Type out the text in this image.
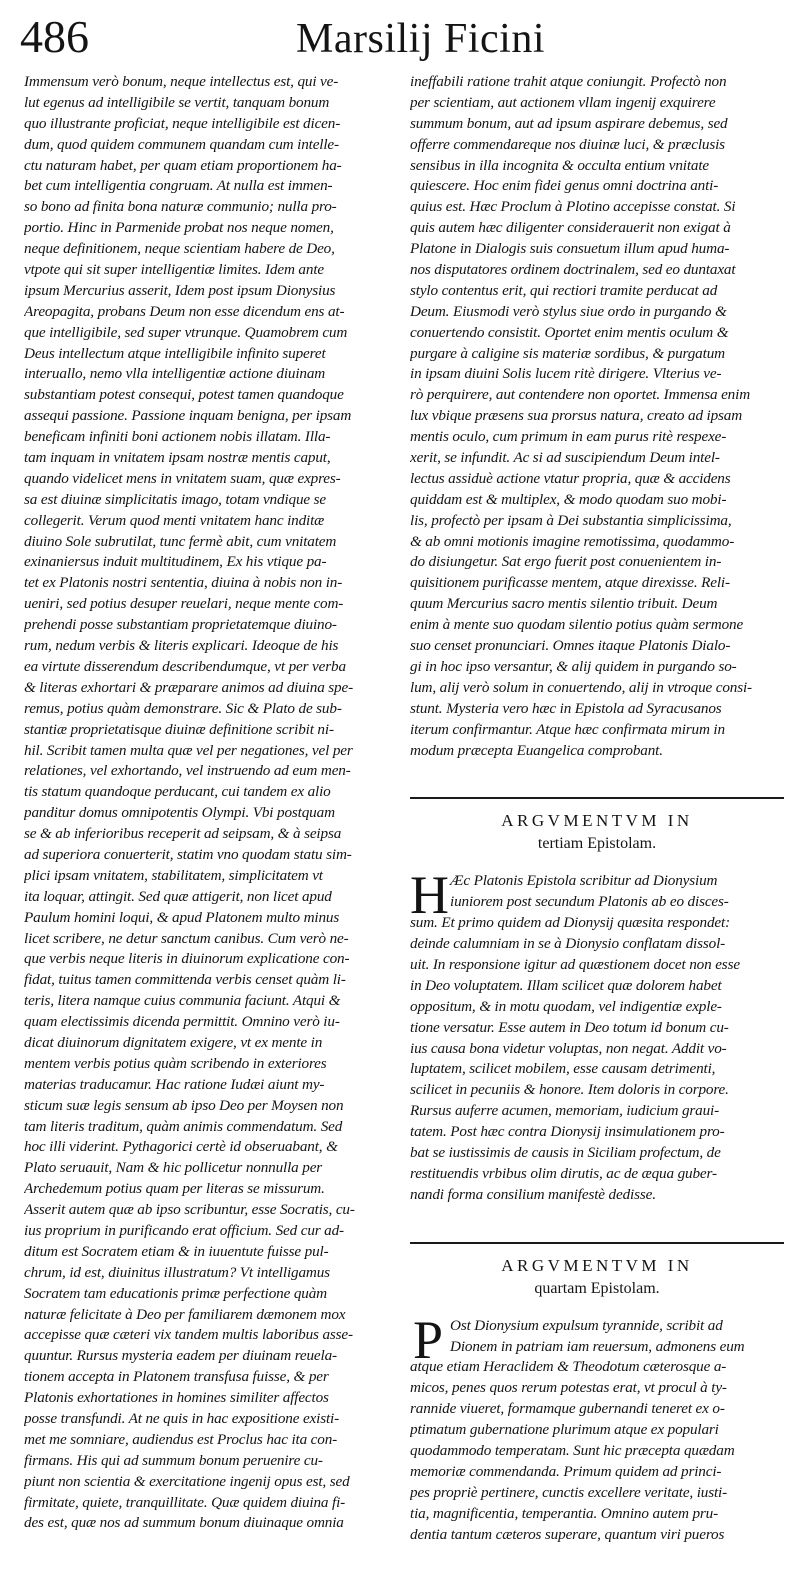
486	Marsilij Ficini
Immensum verò bonum, neque intellectus est, qui ve-
lut egenus ad intelligibile se vertit, tanquam bonum
quo illustrante proficiat, neque intelligibile est dicen-
dum, quod quidem communem quandam cum intelle-
ctu naturam habet, per quam etiam proportionem ha-
bet cum intelligentia congruam. At nulla est immen-
so bono ad finita bona naturæ communio; nulla pro-
portio. Hinc in Parmenide probat nos neque nomen,
neque definitionem, neque scientiam habere de Deo,
vtpote qui sit super intelligentiæ limites. Idem ante
ipsum Mercurius asserit, Idem post ipsum Dionysius
Areopagita, probans Deum non esse dicendum ens at-
que intelligibile, sed super vtrunque. Quamobrem cum
Deus intellectum atque intelligibile infinito superet
interuallo, nemo vlla intelligentiæ actione diuinam
substantiam potest consequi, potest tamen quandoque
assequi passione. Passione inquam benigna, per ipsam
beneficam infiniti boni actionem nobis illatam. Illa-
tam inquam in vnitatem ipsam nostræ mentis caput,
quando videlicet mens in vnitatem suam, quæ expres-
sa est diuinæ simplicitatis imago, totam vndique se
collegerit. Verum quod menti vnitatem hanc inditæ
diuino Sole subrutilat, tunc fermè abit, cum vnitatem
exinaniersus induit multitudinem, Ex his vtique pa-
tet ex Platonis nostri sententia, diuina à nobis non in-
ueniri, sed potius desuper reuelari, neque mente com-
prehendi posse substantiam proprietatemque diuino-
rum, nedum verbis & literis explicari. Ideoque de his
ea virtute disserendum describendumque, vt per verba
& literas exhortari & præparare animos ad diuina spe-
remus, potius quàm demonstrare. Sic & Plato de sub-
stantiæ proprietatisque diuinæ definitione scribit ni-
hil. Scribit tamen multa quæ vel per negationes, vel per
relationes, vel exhortando, vel instruendo ad eum men-
tis statum quandoque perducant, cui tandem ex alio
panditur domus omnipotentis Olympi. Vbi postquam
se & ab inferioribus receperit ad seipsam, & à seipsa
ad superiora conuerterit, statim vno quodam statu sim-
plici ipsam vnitatem, stabilitatem, simplicitatem vt
ita loquar, attingit. Sed quæ attigerit, non licet apud
Paulum homini loqui, & apud Platonem multo minus
licet scribere, ne detur sanctum canibus. Cum verò ne-
que verbis neque literis in diuinorum explicatione con-
fidat, tuitus tamen committenda verbis censet quàm li-
teris, litera namque cuius communia faciunt. Atqui &
quam electissimis dicenda permittit. Omnino verò iu-
dicat diuinorum dignitatem exigere, vt ex mente in
mentem verbis potius quàm scribendo in exteriores
materias traducamur. Hac ratione Iudæi aiunt my-
sticum suæ legis sensum ab ipso Deo per Moysen non
tam literis traditum, quàm animis commendatum. Sed
hoc illi viderint. Pythagorici certè id obseruabant, &
Plato seruauit, Nam & hic pollicetur nonnulla per
Archedemum potius quam per literas se missurum.
Asserit autem quæ ab ipso scribuntur, esse Socratis, cu-
ius proprium in purificando erat officium. Sed cur ad-
ditum est Socratem etiam & in iuuentute fuisse pul-
chrum, id est, diuinitus illustratum? Vt intelligamus
Socratem tam educationis primæ perfectione quàm
naturæ felicitate à Deo per familiarem dæmonem mox
accepisse quæ cæteri vix tandem multis laboribus asse-
quuntur. Rursus mysteria eadem per diuinam reuela-
tionem accepta in Platonem transfusa fuisse, & per
Platonis exhortationes in homines similiter affectos
posse transfundi. At ne quis in hac expositione existi-
met me somniare, audiendus est Proclus hac ita con-
firmans. His qui ad summum bonum peruenire cu-
piunt non scientia & exercitatione ingenij opus est, sed
firmitate, quiete, tranquillitate. Quæ quidem diuina fi-
des est, quæ nos ad summum bonum diuinaque omnia
ineffabili ratione trahit atque coniungit. Profectò non
per scientiam, aut actionem vllam ingenij exquirere
summum bonum, aut ad ipsum aspirare debemus, sed
offerre commendareque nos diuinæ luci, & præclusis
sensibus in illa incognita & occulta entium vnitate
quiescere. Hoc enim fidei genus omni doctrina anti-
quius est. Hæc Proclum à Plotino accepisse constat. Si
quis autem hæc diligenter considerauerit non exigat à
Platone in Dialogis suis consuetum illum apud huma-
nos disputatores ordinem doctrinalem, sed eo duntaxat
stylo contentus erit, qui rectiori tramite perducat ad
Deum. Eiusmodi verò stylus siue ordo in purgando &
conuertendo consistit. Oportet enim mentis oculum &
purgare à caligine sis materiæ sordibus, & purgatum
in ipsam diuini Solis lucem ritè dirigere. Vlterius ve-
rò perquirere, aut contendere non oportet. Immensa enim
lux vbique præsens sua prorsus natura, creato ad ipsam
mentis oculo, cum primum in eam purus ritè respexe-
xerit, se infundit. Ac si ad suscipiendum Deum intel-
lectus assiduè actione vtatur propria, quæ & accidens
quiddam est & multiplex, & modo quodam suo mobi-
lis, profectò per ipsam à Dei substantia simplicissima,
& ab omni motionis imagine remotissima, quodammo-
do disiungetur. Sat ergo fuerit post conuenientem in-
quisitionem purificasse mentem, atque direxisse. Reli-
quum Mercurius sacro mentis silentio tribuit. Deum
enim à mente suo quodam silentio potius quàm sermone
suo censet pronunciari. Omnes itaque Platonis Dialo-
gi in hoc ipso versantur, & alij quidem in purgando so-
lum, alij verò solum in conuertendo, alij in vtroque consi-
stunt. Mysteria vero hæc in Epistola ad Syracusanos
iterum confirmantur. Atque hæc confirmata mirum in
modum præcepta Euangelica comprobant.
ARGVMENTVM IN
tertiam Epistolam.
H Æc Platonis Epistola scribitur ad Dionysium
iuniorem post secundum Platonis ab eo disces-
sum. Et primo quidem ad Dionysij quæsita respondet:
deinde calumniam in se à Dionysio conflatam dissol-
uit. In responsione igitur ad quæstionem docet non esse
in Deo voluptatem. Illam scilicet quæ dolorem habet
oppositum, & in motu quodam, vel indigentiæ exple-
tione versatur. Esse autem in Deo totum id bonum cu-
ius causa bona videtur voluptas, non negat. Addit vo-
luptatem, scilicet mobilem, esse causam detrimenti,
scilicet in pecuniis & honore. Item doloris in corpore.
Rursus auferre acumen, memoriam, iudicium graui-
tatem. Post hæc contra Dionysij insimulationem pro-
bat se iustissimis de causis in Siciliam profectum, de
restituendis vrbibus olim dirutis, ac de æqua guber-
nandi forma consilium manifestè dedisse.
ARGVMENTVM IN
quartam Epistolam.
P Ost Dionysium expulsum tyrannide, scribit ad
Dionem in patriam iam reuersum, admonens eum
atque etiam Heraclidem & Theodotum cæterosque a-
micos, penes quos rerum potestas erat, vt procul à ty-
rannide viueret, formamque gubernandi teneret ex o-
ptimatum gubernatione plurimum atque ex populari
quodammodo temperatam. Sunt hic præcepta quædam
memoriæ commendanda. Primum quidem ad princi-
pes propriè pertinere, cunctis excellere veritate, iusti-
tia, magnificentia, temperantia. Omnino autem pru-
dentia tantum cæteros superare, quantum viri pueros
